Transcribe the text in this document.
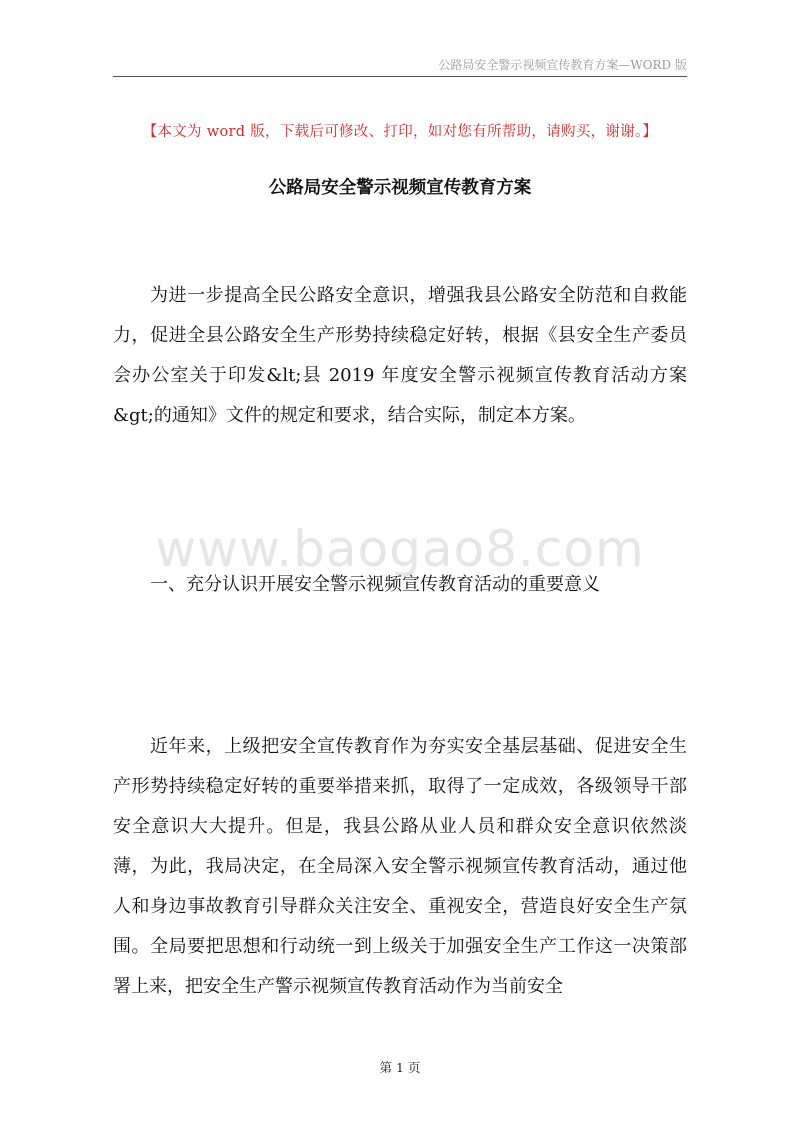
公路局安全警示视频宣传教育方案—WORD 版
【本文为 word 版，下载后可修改、打印，如对您有所帮助，请购买，谢谢。】
公路局安全警示视频宣传教育方案

为进一步提高全民公路安全意识，增强我县公路安全防范和自救能力，促进全县公路安全生产形势持续稳定好转，根据《县安全生产委员会办公室关于印发&lt;县 2019 年度安全警示视频宣传教育活动方案&gt;的通知》文件的规定和要求，结合实际，制定本方案。

www.baogao8.com

一、充分认识开展安全警示视频宣传教育活动的重要意义

近年来，上级把安全宣传教育作为夯实安全基层基础、促进安全生产形势持续稳定好转的重要举措来抓，取得了一定成效，各级领导干部安全意识大大提升。但是，我县公路从业人员和群众安全意识依然淡薄，为此，我局决定，在全局深入安全警示视频宣传教育活动，通过他人和身边事故教育引导群众关注安全、重视安全，营造良好安全生产氛围。全局要把思想和行动统一到上级关于加强安全生产工作这一决策部署上来，把安全生产警示视频宣传教育活动作为当前安全

第 1 页
